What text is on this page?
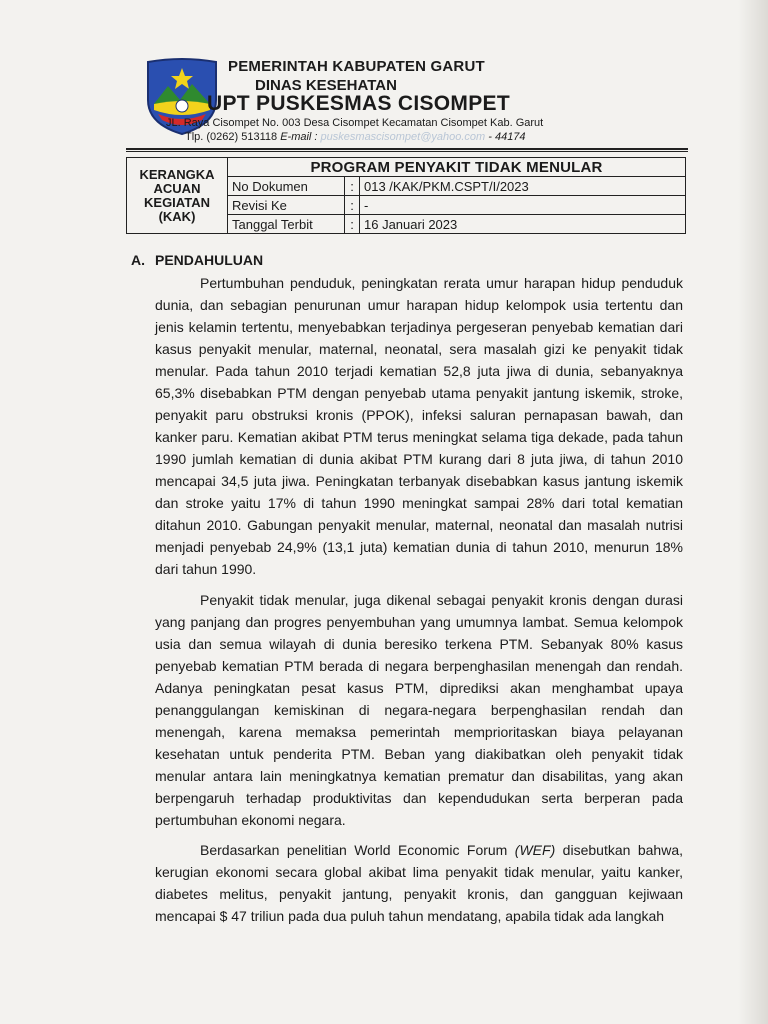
PEMERINTAH KABUPATEN GARUT
DINAS KESEHATAN
UPT PUSKESMAS CISOMPET
JL. Raya Cisompet No. 003 Desa Cisompet Kecamatan Cisompet Kab. Garut
Tlp. (0262) 513118 E-mail : puskesmascisompet@yahoo.com - 44174
KERANGKA
ACUAN
KEGIATAN
(KAK)	PROGRAM PENYAKIT TIDAK MENULAR		
	No Dokumen	:	013 /KAK/PKM.CSPT/I/2023
	Revisi Ke	:	-
	Tanggal Terbit	:	16 Januari 2023
A. PENDAHULUAN

Pertumbuhan penduduk, peningkatan rerata umur harapan hidup penduduk dunia, dan sebagian penurunan umur harapan hidup kelompok usia tertentu dan jenis kelamin tertentu, menyebabkan terjadinya pergeseran penyebab kematian dari kasus penyakit menular, maternal, neonatal, sera masalah gizi ke penyakit tidak menular. Pada tahun 2010 terjadi kematian 52,8 juta jiwa di dunia, sebanyaknya 65,3% disebabkan PTM dengan penyebab utama penyakit jantung iskemik, stroke, penyakit paru obstruksi kronis (PPOK), infeksi saluran pernapasan bawah, dan kanker paru. Kematian akibat PTM terus meningkat selama tiga dekade, pada tahun 1990 jumlah kematian di dunia akibat PTM kurang dari 8 juta jiwa, di tahun 2010 mencapai 34,5 juta jiwa. Peningkatan terbanyak disebabkan kasus jantung iskemik dan stroke yaitu 17% di tahun 1990 meningkat sampai 28% dari total kematian ditahun 2010. Gabungan penyakit menular, maternal, neonatal dan masalah nutrisi menjadi penyebab 24,9% (13,1 juta) kematian dunia di tahun 2010, menurun 18% dari tahun 1990.

Penyakit tidak menular, juga dikenal sebagai penyakit kronis dengan durasi yang panjang dan progres penyembuhan yang umumnya lambat. Semua kelompok usia dan semua wilayah di dunia beresiko terkena PTM. Sebanyak 80% kasus penyebab kematian PTM berada di negara berpenghasilan menengah dan rendah. Adanya peningkatan pesat kasus PTM, diprediksi akan menghambat upaya penanggulangan kemiskinan di negara-negara berpenghasilan rendah dan menengah, karena memaksa pemerintah memprioritaskan biaya pelayanan kesehatan untuk penderita PTM. Beban yang diakibatkan oleh penyakit tidak menular antara lain meningkatnya kematian prematur dan disabilitas, yang akan berpengaruh terhadap produktivitas dan kependudukan serta berperan pada pertumbuhan ekonomi negara.

Berdasarkan penelitian World Economic Forum (WEF) disebutkan bahwa, kerugian ekonomi secara global akibat lima penyakit tidak menular, yaitu kanker, diabetes melitus, penyakit jantung, penyakit kronis, dan gangguan kejiwaan mencapai $ 47 triliun pada dua puluh tahun mendatang, apabila tidak ada langkah
